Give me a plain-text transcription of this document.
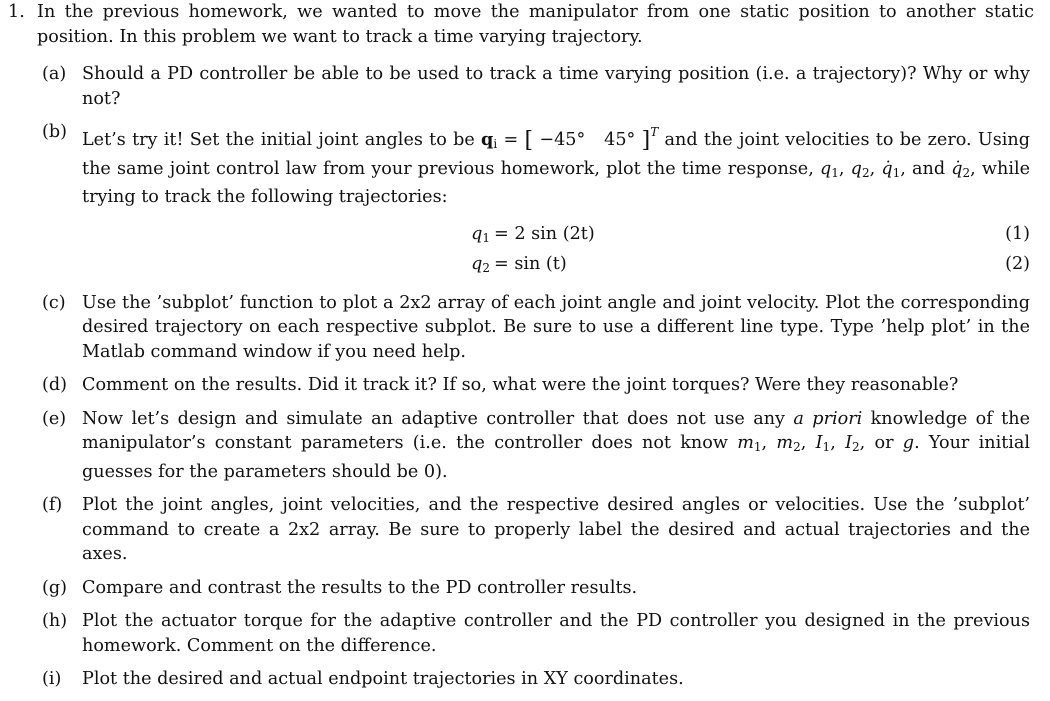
1. In the previous homework, we wanted to move the manipulator from one static position to another static position. In this problem we want to track a time varying trajectory.
(a) Should a PD controller be able to be used to track a time varying position (i.e. a trajectory)? Why or why not?
(b) Let’s try it! Set the initial joint angles to be $q_i$ = [ −45° 45° ]$^T$ and the joint velocities to be zero. Using the same joint control law from your previous homework, plot the time response, $q_1$, $q_2$, $q̇_1$, and $q̇_2$, while trying to track the following trajectories:
$q_1 = 2$ sin (2t)	(1)
$q_2 = \sin (t)$	(2)
(c) Use the ’subplot’ function to plot a 2x2 array of each joint angle and joint velocity. Plot the corresponding desired trajectory on each respective subplot. Be sure to use a different line type. Type ’help plot’ in the Matlab command window if you need help.
(d) Comment on the results. Did it track it? If so, what were the joint torques? Were they reasonable?
(e) Now let’s design and simulate an adaptive controller that does not use any a priori knowledge of the manipulator’s constant parameters (i.e. the controller does not know $m_1$, $m_2$, $I_1$, $I_2$, or g. Your initial guesses for the parameters should be 0).
(f)	Plot the joint angles, joint velocities, and the respective desired angles or velocities. Use the ’subplot’ command to create a 2x2 array. Be sure to properly label the desired and actual trajectories and the axes.
(g) Compare and contrast the results to the PD controller results.
(h) Plot the actuator torque for the adaptive controller and the PD controller you designed in the previous homework. Comment on the difference.
(i)	Plot the desired and actual endpoint trajectories in XY coordinates.
